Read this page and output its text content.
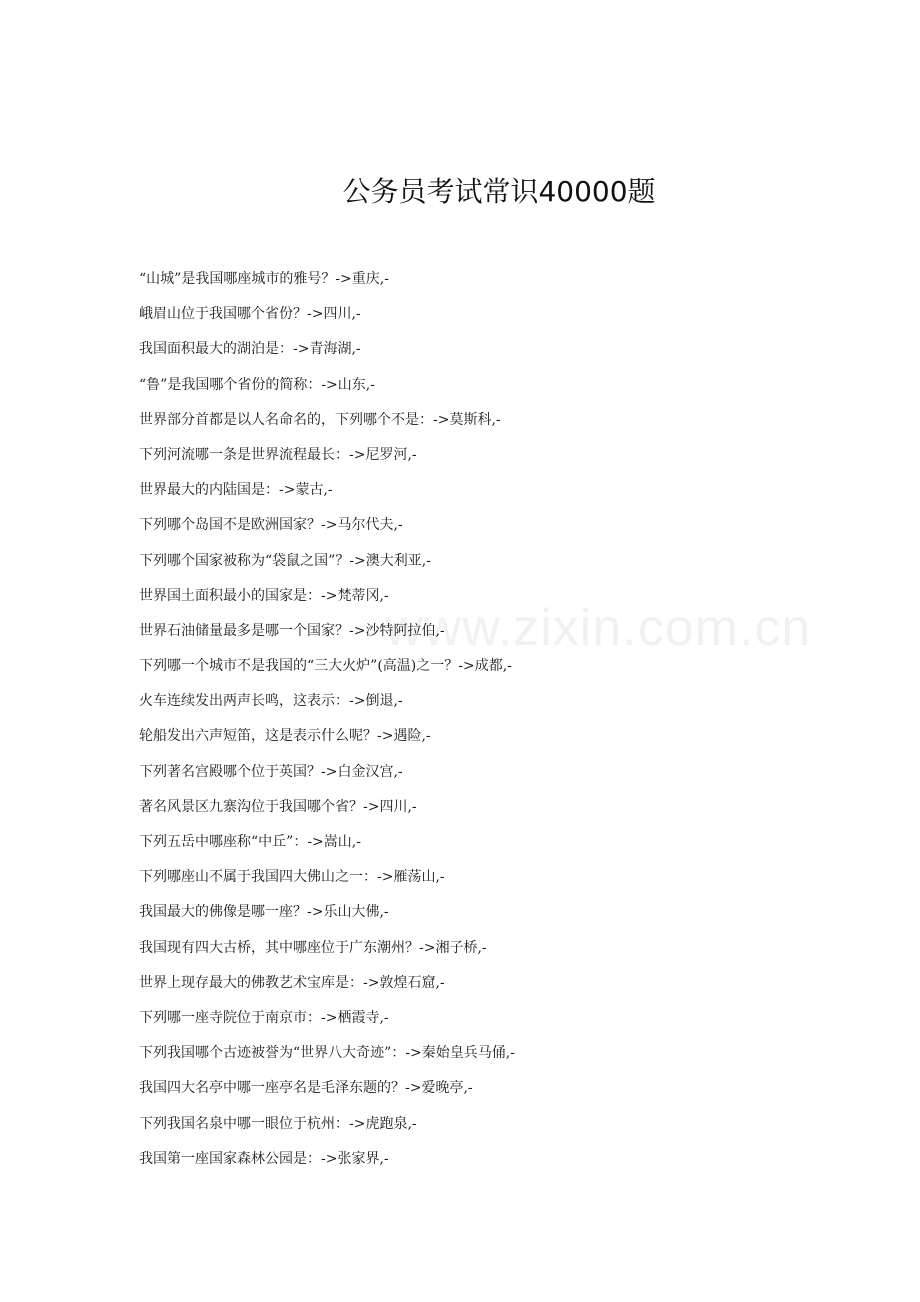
公务员考试常识40000题
www.zixin.com.cn
“山城”是我国哪座城市的雅号？->重庆,-
峨眉山位于我国哪个省份？->四川,-
我国面积最大的湖泊是：->青海湖,-
“鲁”是我国哪个省份的简称：->山东,-
世界部分首都是以人名命名的，下列哪个不是：->莫斯科,-
下列河流哪一条是世界流程最长：->尼罗河,-
世界最大的内陆国是：->蒙古,-
下列哪个岛国不是欧洲国家？->马尔代夫,-
下列哪个国家被称为“袋鼠之国”？->澳大利亚,-
世界国土面积最小的国家是：->梵蒂冈,-
世界石油储量最多是哪一个国家？->沙特阿拉伯,-
下列哪一个城市不是我国的“三大火炉”(高温)之一？->成都,-
火车连续发出两声长鸣，这表示：->倒退,-
轮船发出六声短笛，这是表示什么呢？->遇险,-
下列著名宫殿哪个位于英国？->白金汉宫,-
著名风景区九寨沟位于我国哪个省？->四川,-
下列五岳中哪座称“中丘”：->嵩山,-
下列哪座山不属于我国四大佛山之一：->雁荡山,-
我国最大的佛像是哪一座？->乐山大佛,-
我国现有四大古桥，其中哪座位于广东潮州？->湘子桥,-
世界上现存最大的佛教艺术宝库是：->敦煌石窟,-
下列哪一座寺院位于南京市：->栖霞寺,-
下列我国哪个古迹被誉为“世界八大奇迹”：->秦始皇兵马俑,-
我国四大名亭中哪一座亭名是毛泽东题的？->爱晚亭,-
下列我国名泉中哪一眼位于杭州：->虎跑泉,-
我国第一座国家森林公园是：->张家界,-
